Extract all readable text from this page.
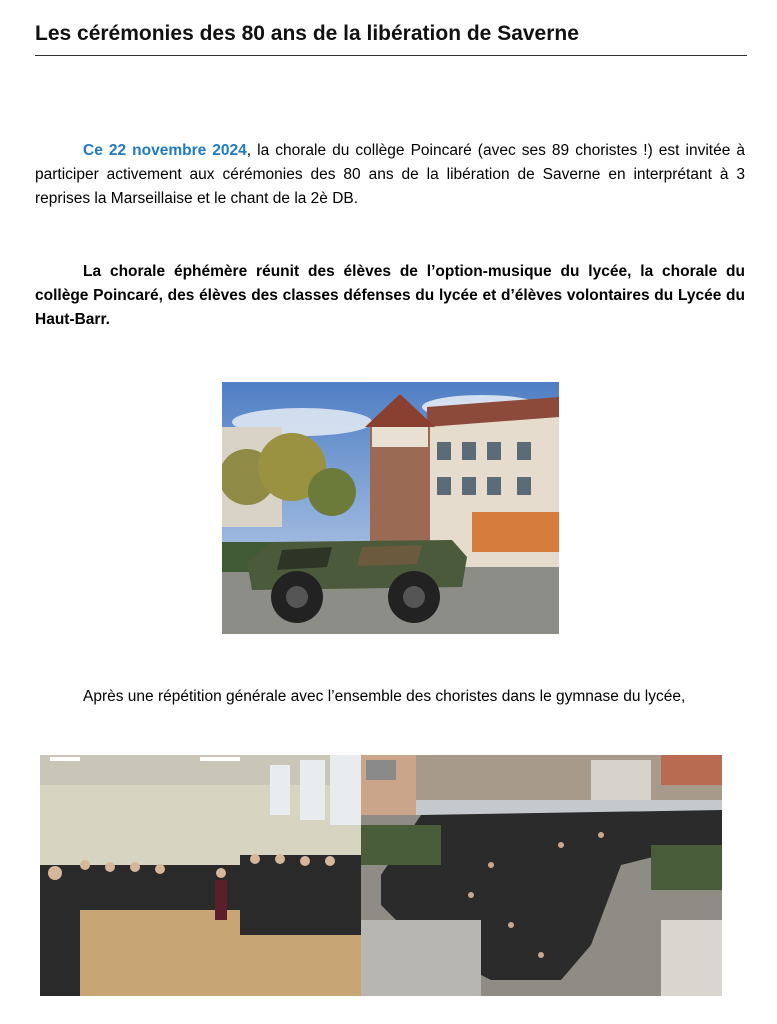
Les cérémonies des 80 ans de la libération de Saverne

Ce 22 novembre 2024, la chorale du collège Poincaré (avec ses 89 choristes !) est invitée à participer activement aux cérémonies des 80 ans de la libération de Saverne en interprétant à 3 reprises la Marseillaise et le chant de la 2è DB.

La chorale éphémère réunit des élèves de l’option-musique du lycée, la chorale du collège Poincaré, des élèves des classes défenses du lycée et d’élèves volontaires du Lycée du Haut-Barr.

Après une répétition générale avec l’ensemble des choristes dans le gymnase du lycée,
